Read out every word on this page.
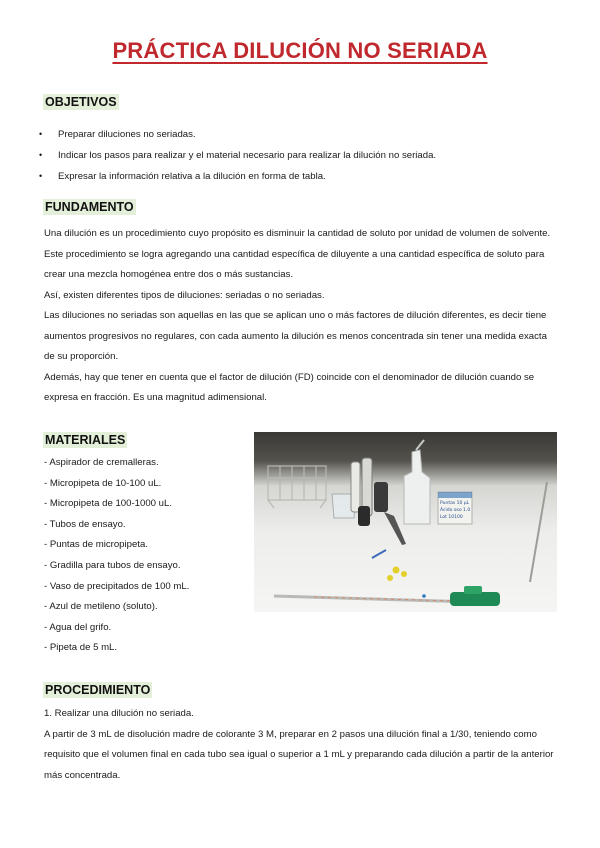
PRÁCTICA DILUCIÓN NO SERIADA
OBJETIVOS
• Preparar diluciones no seriadas.
• Indicar los pasos para realizar y el material necesario para realizar la dilución no seriada.
• Expresar la información relativa a la dilución en forma de tabla.
FUNDAMENTO

Una dilución es un procedimiento cuyo propósito es disminuir la cantidad de soluto por unidad de volumen de solvente. Este procedimiento se logra agregando una cantidad específica de diluyente a una cantidad específica de soluto para crear una mezcla homogénea entre dos o más sustancias.

Así, existen diferentes tipos de diluciones: seriadas o no seriadas.

Las diluciones no seriadas son aquellas en las que se aplican uno o más factores de dilución diferentes, es decir tiene aumentos progresivos no regulares, con cada aumento la dilución es menos concentrada sin tener una medida exacta de su proporción.

Además, hay que tener en cuenta que el factor de dilución (FD) coincide con el denominador de dilución cuando se expresa en fracción. Es una magnitud adimensional.

MATERIALES
- Aspirador de cremalleras.
- Micropipeta de 10-100 uL.
- Micropipeta de 100-1000 uL.
- Tubos de ensayo.
- Puntas de micropipeta.
- Gradilla para tubos de ensayo.
- Vaso de precipitados de 100 mL.
- Azul de metileno (soluto).
- Agua del grifo.
- Pipeta de 5 mL.
Puntas 10 µL
Ácido oso 1.0
Lot 10100
PROCEDIMIENTO

1. Realizar una dilución no seriada.

A partir de 3 mL de disolución madre de colorante 3 M, preparar en 2 pasos una dilución final a 1/30, teniendo como requisito que el volumen final en cada tubo sea igual o superior a 1 mL y preparando cada dilución a partir de la anterior más concentrada.
